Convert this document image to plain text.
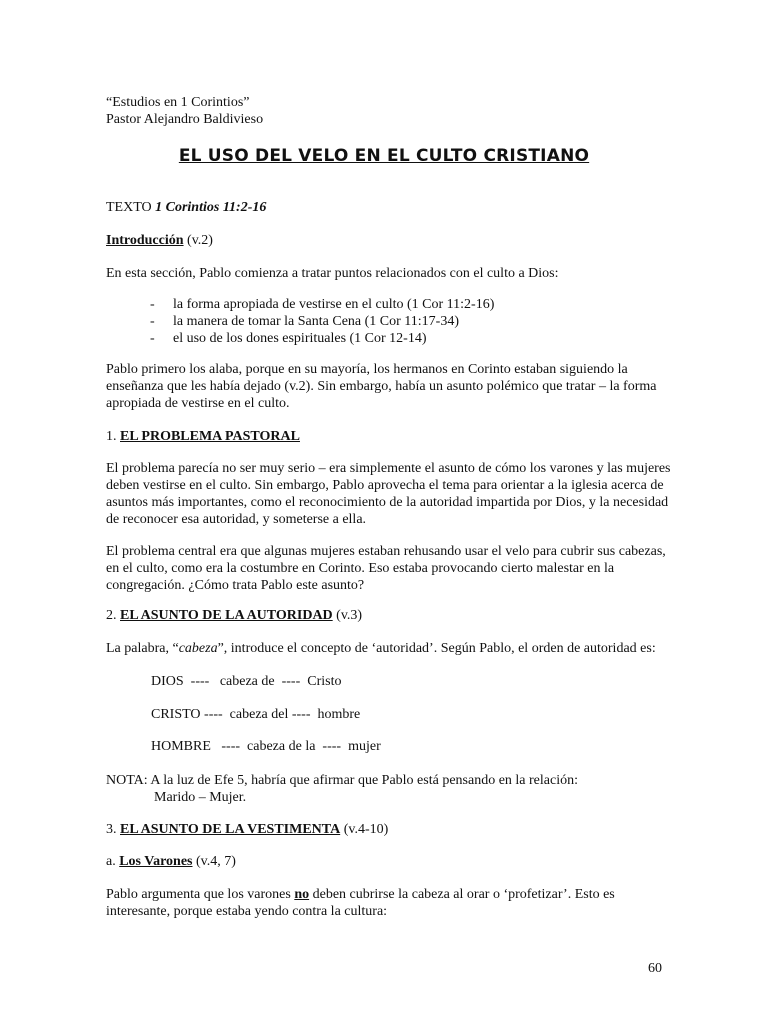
“Estudios en 1 Corintios”
Pastor Alejandro Baldivieso

EL USO DEL VELO EN EL CULTO CRISTIANO

TEXTO 1 Corintios 11:2-16

Introducción (v.2)

En esta sección, Pablo comienza a tratar puntos relacionados con el culto a Dios:

- la forma apropiada de vestirse en el culto (1 Cor 11:2-16)
- la manera de tomar la Santa Cena (1 Cor 11:17-34)
- el uso de los dones espirituales (1 Cor 12-14)

Pablo primero los alaba, porque en su mayoría, los hermanos en Corinto estaban siguiendo la enseñanza que les había dejado (v.2). Sin embargo, había un asunto polémico que tratar – la forma apropiada de vestirse en el culto.

1. EL PROBLEMA PASTORAL

El problema parecía no ser muy serio – era simplemente el asunto de cómo los varones y las mujeres deben vestirse en el culto. Sin embargo, Pablo aprovecha el tema para orientar a la iglesia acerca de asuntos más importantes, como el reconocimiento de la autoridad impartida por Dios, y la necesidad de reconocer esa autoridad, y someterse a ella.

El problema central era que algunas mujeres estaban rehusando usar el velo para cubrir sus cabezas, en el culto, como era la costumbre en Corinto. Eso estaba provocando cierto malestar en la congregación. ¿Cómo trata Pablo este asunto?

2. EL ASUNTO DE LA AUTORIDAD (v.3)

La palabra, “cabeza”, introduce el concepto de ‘autoridad’. Según Pablo, el orden de autoridad es:

DIOS  ----   cabeza de  ----  Cristo
CRISTO ----  cabeza del ----  hombre
HOMBRE   ----  cabeza de la  ----  mujer

NOTA: A la luz de Efe 5, habría que afirmar que Pablo está pensando en la relación:
Marido – Mujer.

3. EL ASUNTO DE LA VESTIMENTA (v.4-10)

a. Los Varones (v.4, 7)

Pablo argumenta que los varones no deben cubrirse la cabeza al orar o ‘profetizar’. Esto es interesante, porque estaba yendo contra la cultura:

60
